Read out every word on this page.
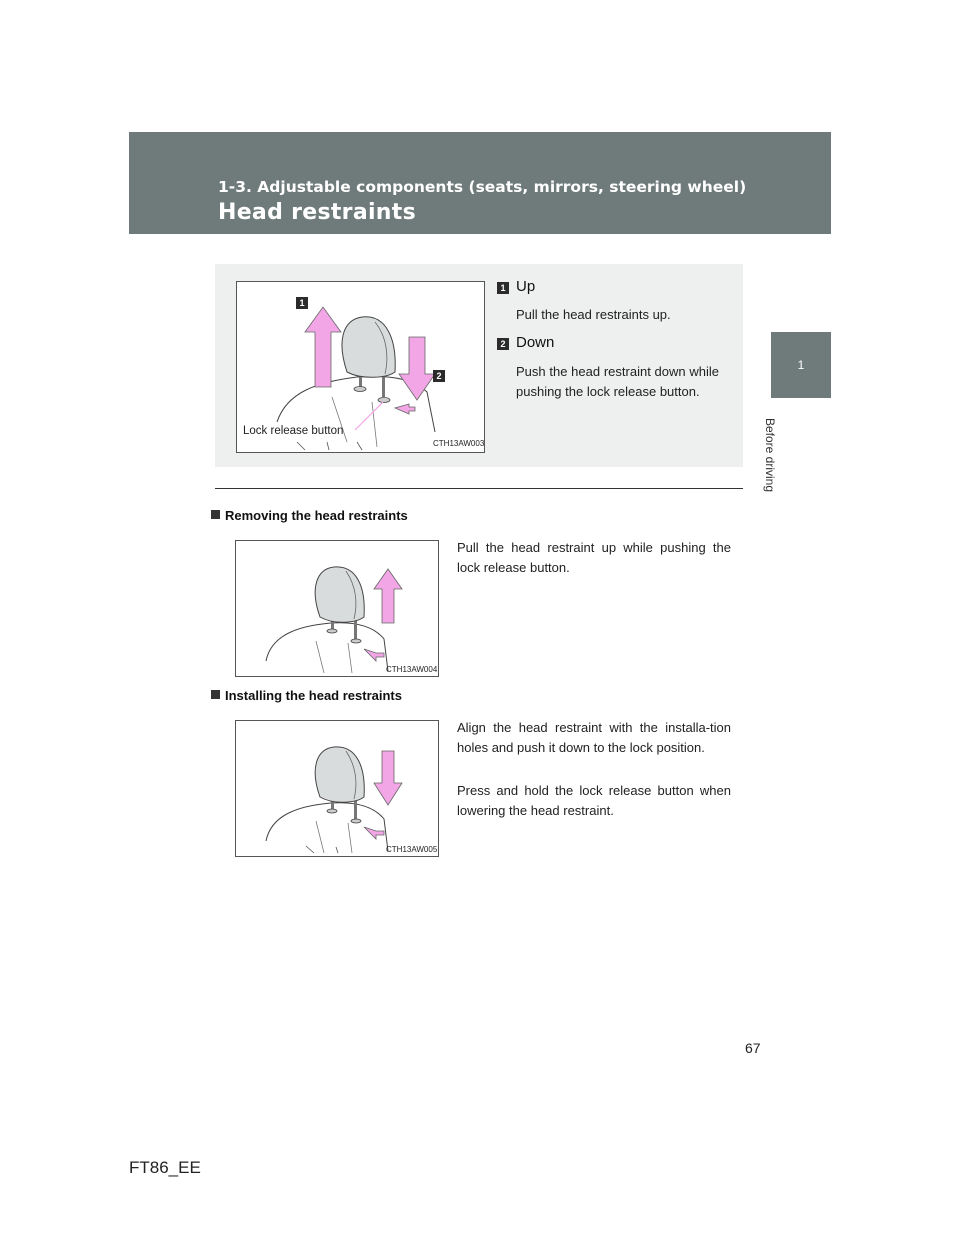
1-3. Adjustable components (seats, mirrors, steering wheel)
Head restraints
1
Before driving
1
2
Lock release button
CTH13AW003
1 Up
Pull the head restraints up.
2 Down
Push the head restraint down while pushing the lock release button.
Removing the head restraints
Pull the head restraint up while pushing the lock release button.
CTH13AW004
Installing the head restraints
Align the head restraint with the installa-tion holes and push it down to the lock position.
Press and hold the lock release button when lowering the head restraint.
CTH13AW005
67
FT86_EE
